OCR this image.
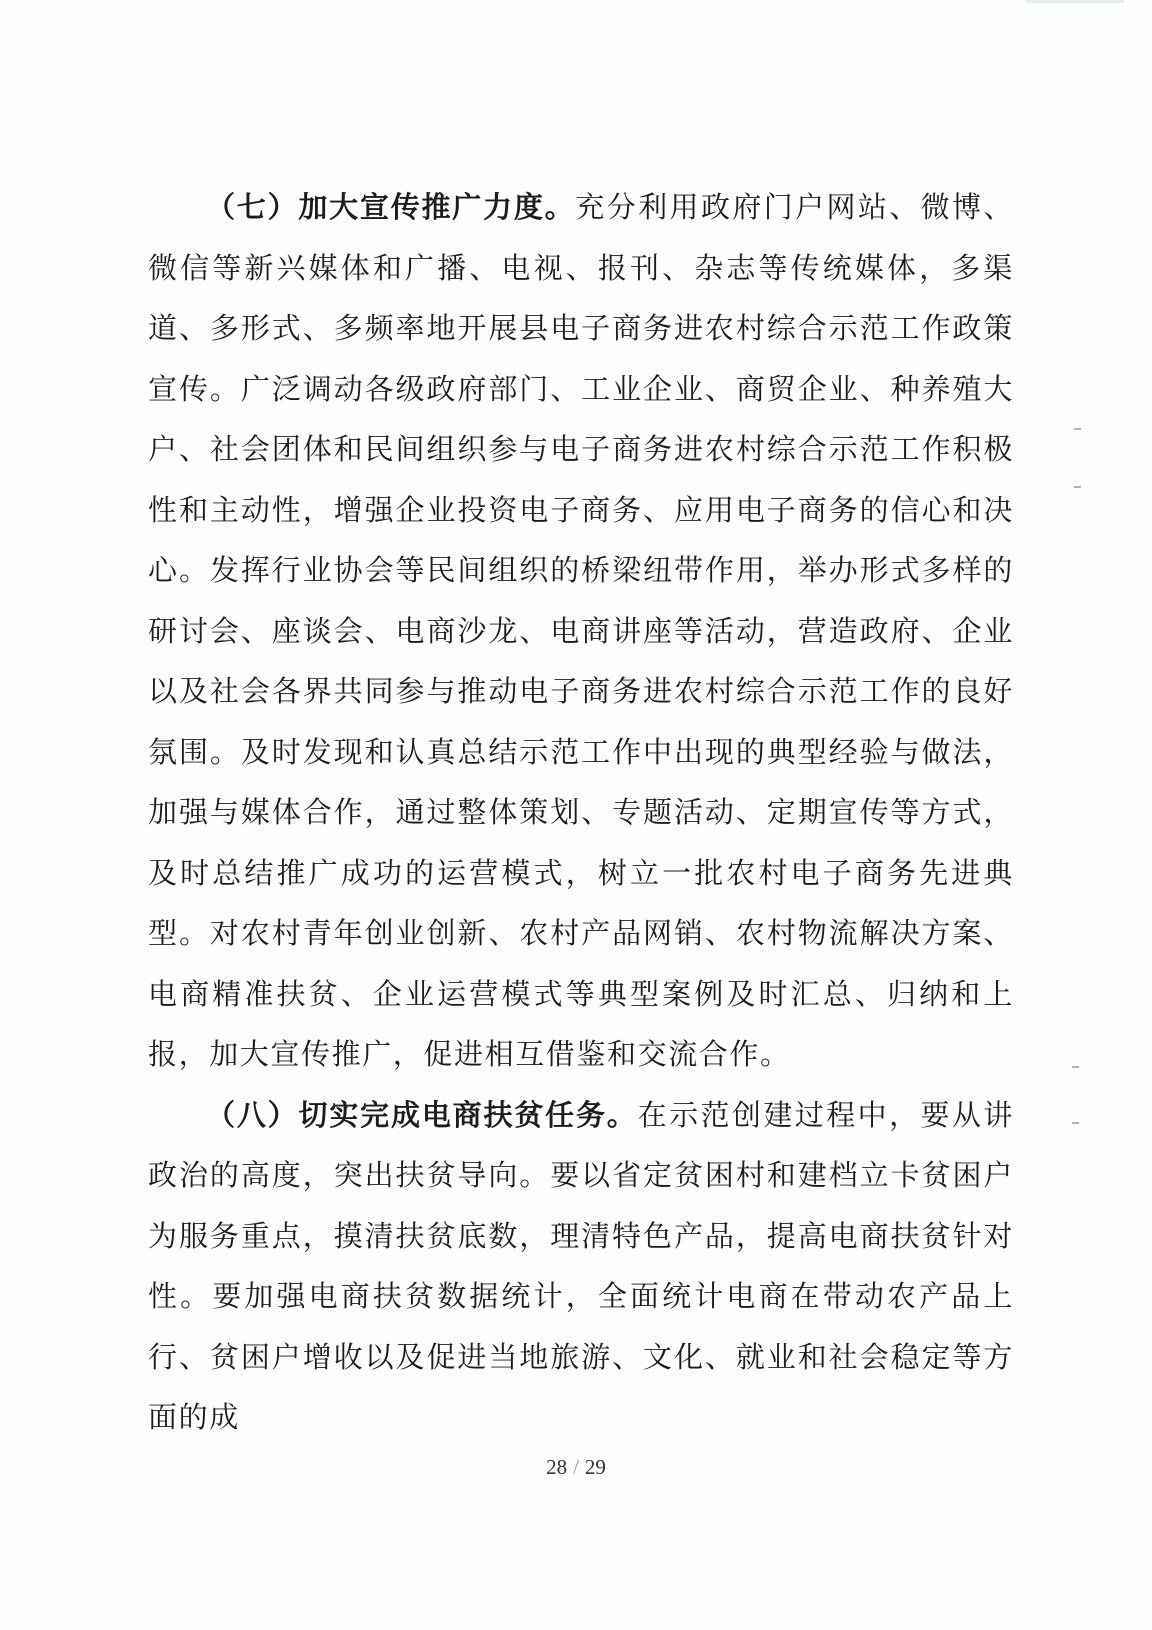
（七）加大宣传推广力度。充分利用政府门户网站、微博、微信等新兴媒体和广播、电视、报刊、杂志等传统媒体，多渠道、多形式、多频率地开展县电子商务进农村综合示范工作政策宣传。广泛调动各级政府部门、工业企业、商贸企业、种养殖大户、社会团体和民间组织参与电子商务进农村综合示范工作积极性和主动性，增强企业投资电子商务、应用电子商务的信心和决心。发挥行业协会等民间组织的桥梁纽带作用，举办形式多样的研讨会、座谈会、电商沙龙、电商讲座等活动，营造政府、企业以及社会各界共同参与推动电子商务进农村综合示范工作的良好氛围。及时发现和认真总结示范工作中出现的典型经验与做法，加强与媒体合作，通过整体策划、专题活动、定期宣传等方式，及时总结推广成功的运营模式，树立一批农村电子商务先进典型。对农村青年创业创新、农村产品网销、农村物流解决方案、电商精准扶贫、企业运营模式等典型案例及时汇总、归纳和上报，加大宣传推广，促进相互借鉴和交流合作。

（八）切实完成电商扶贫任务。在示范创建过程中，要从讲政治的高度，突出扶贫导向。要以省定贫困村和建档立卡贫困户为服务重点，摸清扶贫底数，理清特色产品，提高电商扶贫针对性。要加强电商扶贫数据统计，全面统计电商在带动农产品上行、贫困户增收以及促进当地旅游、文化、就业和社会稳定等方面的成

28 / 29
